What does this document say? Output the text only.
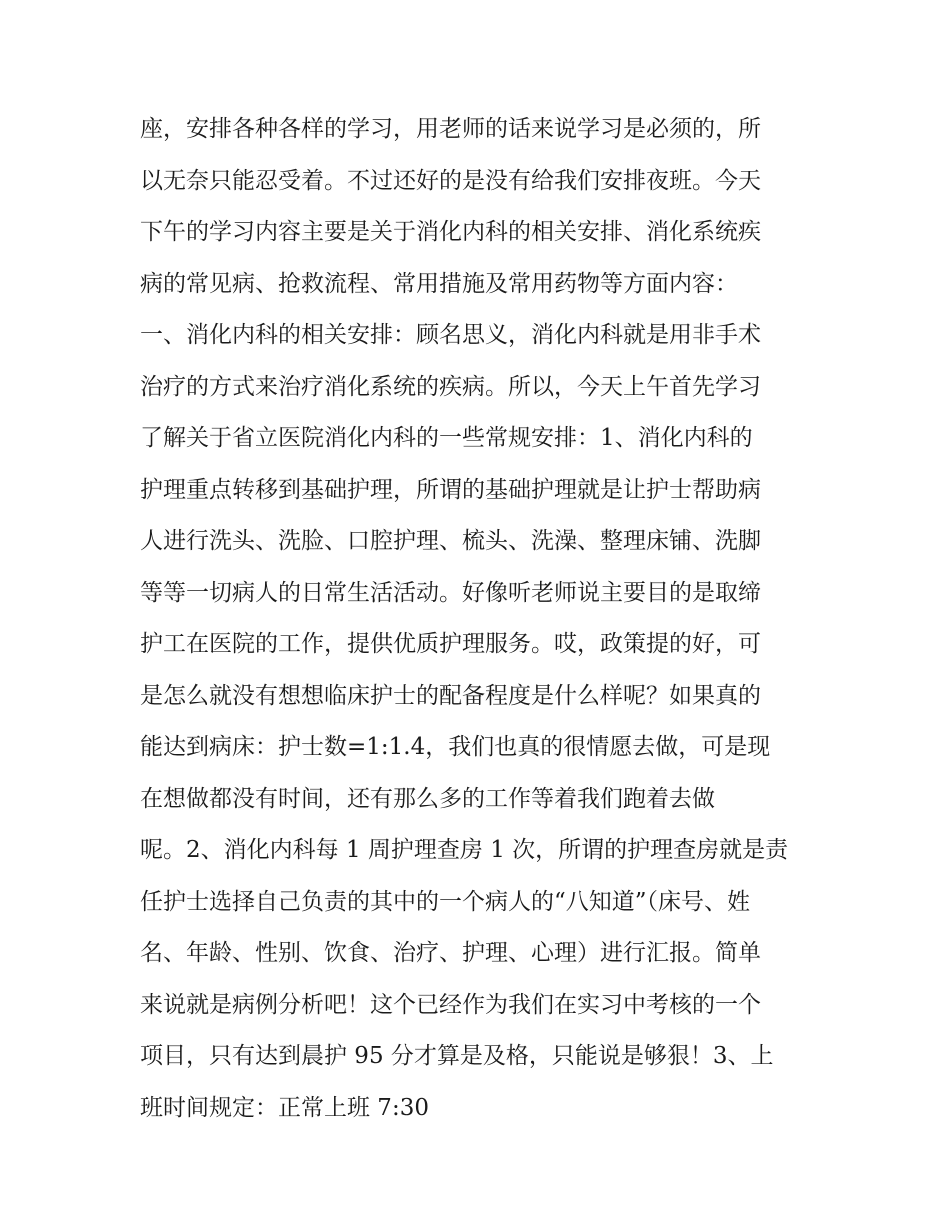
座，安排各种各样的学习，用老师的话来说学习是必须的，所
以无奈只能忍受着。不过还好的是没有给我们安排夜班。今天
下午的学习内容主要是关于消化内科的相关安排、消化系统疾
病的常见病、抢救流程、常用措施及常用药物等方面内容：
一、消化内科的相关安排：顾名思义，消化内科就是用非手术
治疗的方式来治疗消化系统的疾病。所以，今天上午首先学习
了解关于省立医院消化内科的一些常规安排：1、消化内科的
护理重点转移到基础护理，所谓的基础护理就是让护士帮助病
人进行洗头、洗脸、口腔护理、梳头、洗澡、整理床铺、洗脚
等等一切病人的日常生活活动。好像听老师说主要目的是取缔
护工在医院的工作，提供优质护理服务。哎，政策提的好，可
是怎么就没有想想临床护士的配备程度是什么样呢？如果真的
能达到病床：护士数=1:1.4，我们也真的很情愿去做，可是现
在想做都没有时间，还有那么多的工作等着我们跑着去做
呢。2、消化内科每 1 周护理查房 1 次，所谓的护理查房就是责
任护士选择自己负责的其中的一个病人的“八知道”（床号、姓
名、年龄、性别、饮食、治疗、护理、心理）进行汇报。简单
来说就是病例分析吧！这个已经作为我们在实习中考核的一个
项目，只有达到晨护 95 分才算是及格，只能说是够狠！3、上
班时间规定：正常上班 7:30
